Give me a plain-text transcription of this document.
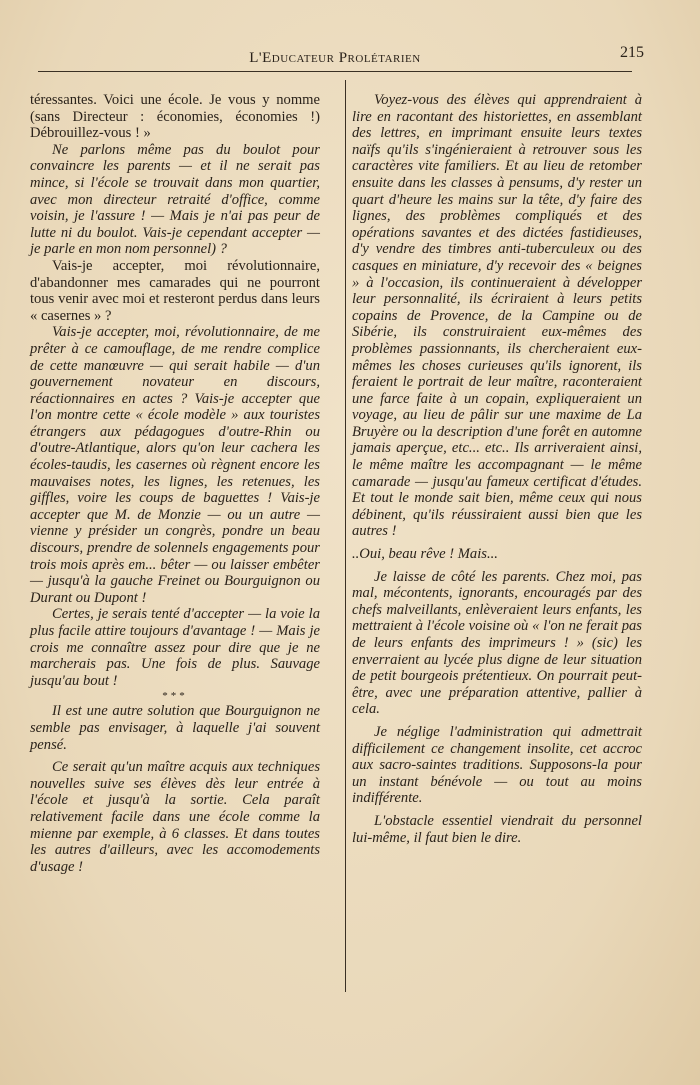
L'Educateur Prolétarien	215

téressantes. Voici une école. Je vous y nomme (sans Directeur : économies, économies !) Débrouillez-vous ! »

Ne parlons même pas du boulot pour convaincre les parents — et il ne serait pas mince, si l'école se trouvait dans mon quartier, avec mon directeur retraité d'office, comme voisin, je l'assure ! — Mais je n'ai pas peur de lutte ni du boulot. Vais-je cependant accepter — je parle en mon nom personnel) ?

Vais-je accepter, moi révolutionnaire, d'abandonner mes camarades qui ne pourront tous venir avec moi et resteront perdus dans leurs « casernes » ?

Vais-je accepter, moi, révolutionnaire, de me prêter à ce camouflage, de me rendre complice de cette manœuvre — qui serait habile — d'un gouvernement novateur en discours, réactionnaires en actes ? Vais-je accepter que l'on montre cette « école modèle » aux touristes étrangers aux pédagogues d'outre-Rhin ou d'outre-Atlantique, alors qu'on leur cachera les écoles-taudis, les casernes où règnent encore les mauvaises notes, les lignes, les retenues, les giffles, voire les coups de baguettes ! Vais-je accepter que M. de Monzie — ou un autre — vienne y présider un congrès, pondre un beau discours, prendre de solennels engagements pour trois mois après em... bêter — ou laisser embêter — jusqu'à la gauche Freinet ou Bourguignon ou Durant ou Dupont !

Certes, je serais tenté d'accepter — la voie la plus facile attire toujours d'avantage ! — Mais je crois me connaître assez pour dire que je ne marcherais pas. Une fois de plus. Sauvage jusqu'au bout !

***

Il est une autre solution que Bourguignon ne semble pas envisager, à laquelle j'ai souvent pensé.

Ce serait qu'un maître acquis aux techniques nouvelles suive ses élèves dès leur entrée à l'école et jusqu'à la sortie. Cela paraît relativement facile dans une école comme la mienne par exemple, à 6 classes. Et dans toutes les autres d'ailleurs, avec les accomodements d'usage !

Voyez-vous des élèves qui apprendraient à lire en racontant des historiettes, en assemblant des lettres, en imprimant ensuite leurs textes naïfs qu'ils s'ingénieraient à retrouver sous les caractères vite familiers. Et au lieu de retomber ensuite dans les classes à pensums, d'y rester un quart d'heure les mains sur la tête, d'y faire des lignes, des problèmes compliqués et des opérations savantes et des dictées fastidieuses, d'y vendre des timbres anti-tuberculeux ou des casques en miniature, d'y recevoir des « beignes » à l'occasion, ils continueraient à développer leur personnalité, ils écriraient à leurs petits copains de Provence, de la Campine ou de Sibérie, ils construiraient eux-mêmes des problèmes passionnants, ils chercheraient eux-mêmes les choses curieuses qu'ils ignorent, ils feraient le portrait de leur maître, raconteraient une farce faite à un copain, expliqueraient un voyage, au lieu de pâlir sur une maxime de La Bruyère ou la description d'une forêt en automne jamais aperçue, etc... etc.. Ils arriveraient ainsi, le même maître les accompagnant — le même camarade — jusqu'au fameux certificat d'études. Et tout le monde sait bien, même ceux qui nous débinent, qu'ils réussiraient aussi bien que les autres !

..Oui, beau rêve ! Mais...

Je laisse de côté les parents. Chez moi, pas mal, mécontents, ignorants, encouragés par des chefs malveillants, enlèveraient leurs enfants, les mettraient à l'école voisine où « l'on ne ferait pas de leurs enfants des imprimeurs ! » (sic) les enverraient au lycée plus digne de leur situation de petit bourgeois prétentieux. On pourrait peut-être, avec une préparation attentive, pallier à cela.

Je néglige l'administration qui admettrait difficilement ce changement insolite, cet accroc aux sacro-saintes traditions. Supposons-la pour un instant bénévole — ou tout au moins indifférente.

L'obstacle essentiel viendrait du personnel lui-même, il faut bien le dire.
